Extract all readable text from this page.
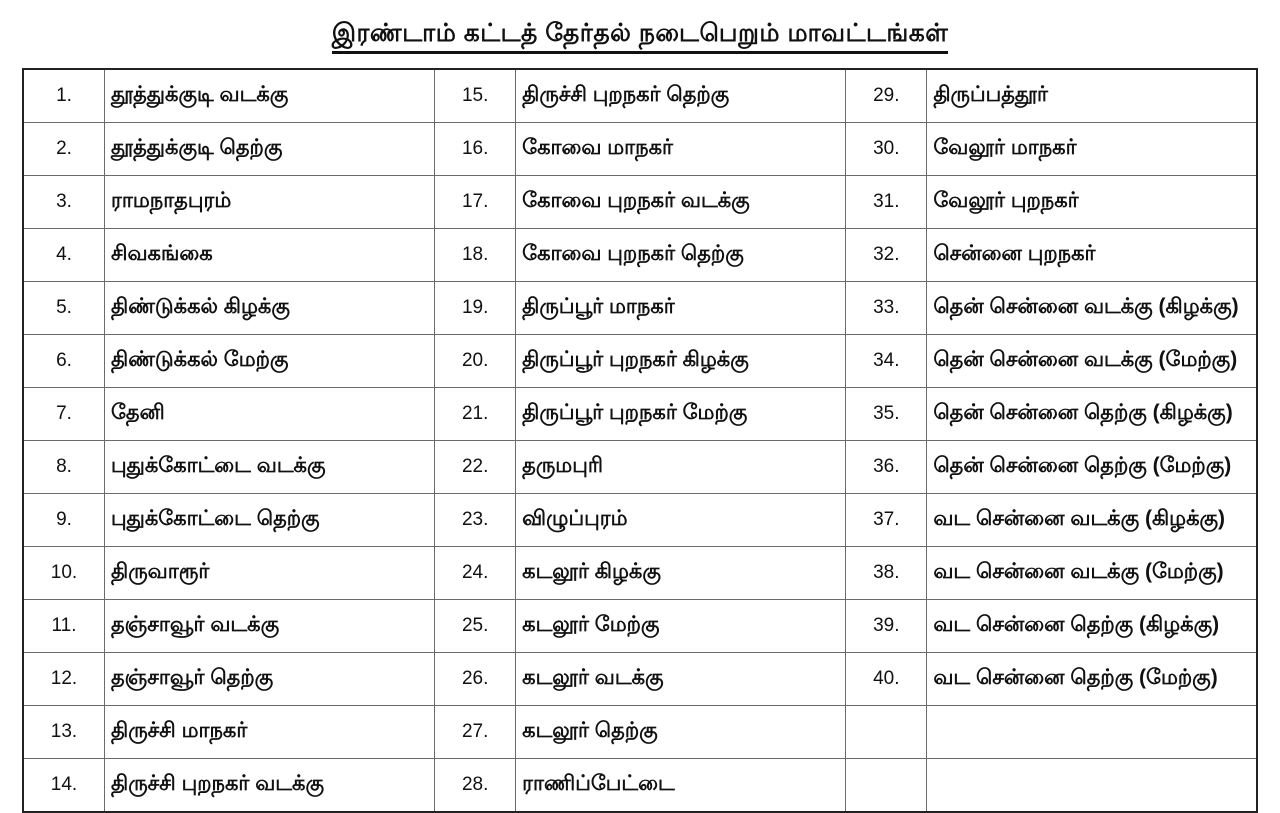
இரண்டாம் கட்டத் தேர்தல் நடைபெறும் மாவட்டங்கள்
1.	தூத்துக்குடி வடக்கு	15.	திருச்சி புறநகர் தெற்கு	29.	திருப்பத்தூர்
2.	தூத்துக்குடி தெற்கு	16.	கோவை மாநகர்	30.	வேலூர் மாநகர்
3.	ராமநாதபுரம்	17.	கோவை புறநகர் வடக்கு	31.	வேலூர் புறநகர்
4.	சிவகங்கை	18.	கோவை புறநகர் தெற்கு	32.	சென்னை புறநகர்
5.	திண்டுக்கல் கிழக்கு	19.	திருப்பூர் மாநகர்	33.	தென் சென்னை வடக்கு (கிழக்கு)
6.	திண்டுக்கல் மேற்கு	20.	திருப்பூர் புறநகர் கிழக்கு	34.	தென் சென்னை வடக்கு (மேற்கு)
7.	தேனி	21.	திருப்பூர் புறநகர் மேற்கு	35.	தென் சென்னை தெற்கு (கிழக்கு)
8.	புதுக்கோட்டை வடக்கு	22.	தருமபுரி	36.	தென் சென்னை தெற்கு (மேற்கு)
9.	புதுக்கோட்டை தெற்கு	23.	விழுப்புரம்	37.	வட சென்னை வடக்கு (கிழக்கு)
10.	திருவாரூர்	24.	கடலூர் கிழக்கு	38.	வட சென்னை வடக்கு (மேற்கு)
11.	தஞ்சாவூர் வடக்கு	25.	கடலூர் மேற்கு	39.	வட சென்னை தெற்கு (கிழக்கு)
12.	தஞ்சாவூர் தெற்கு	26.	கடலூர் வடக்கு	40.	வட சென்னை தெற்கு (மேற்கு)
13.	திருச்சி மாநகர்	27.	கடலூர் தெற்கு		
14.	திருச்சி புறநகர் வடக்கு	28.	ராணிப்பேட்டை		
